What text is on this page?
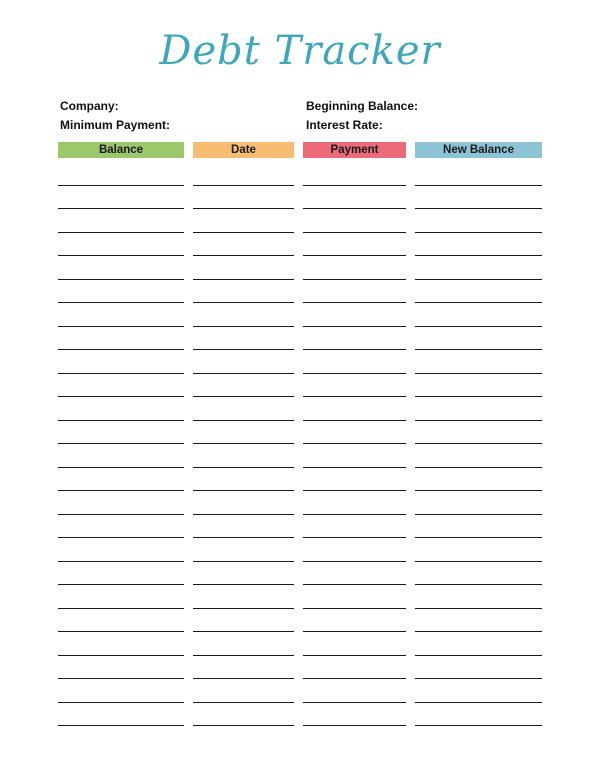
Debt Tracker
Company:
Minimum Payment:
Beginning Balance:
Interest Rate:
Balance	Date	Payment	New Balance
